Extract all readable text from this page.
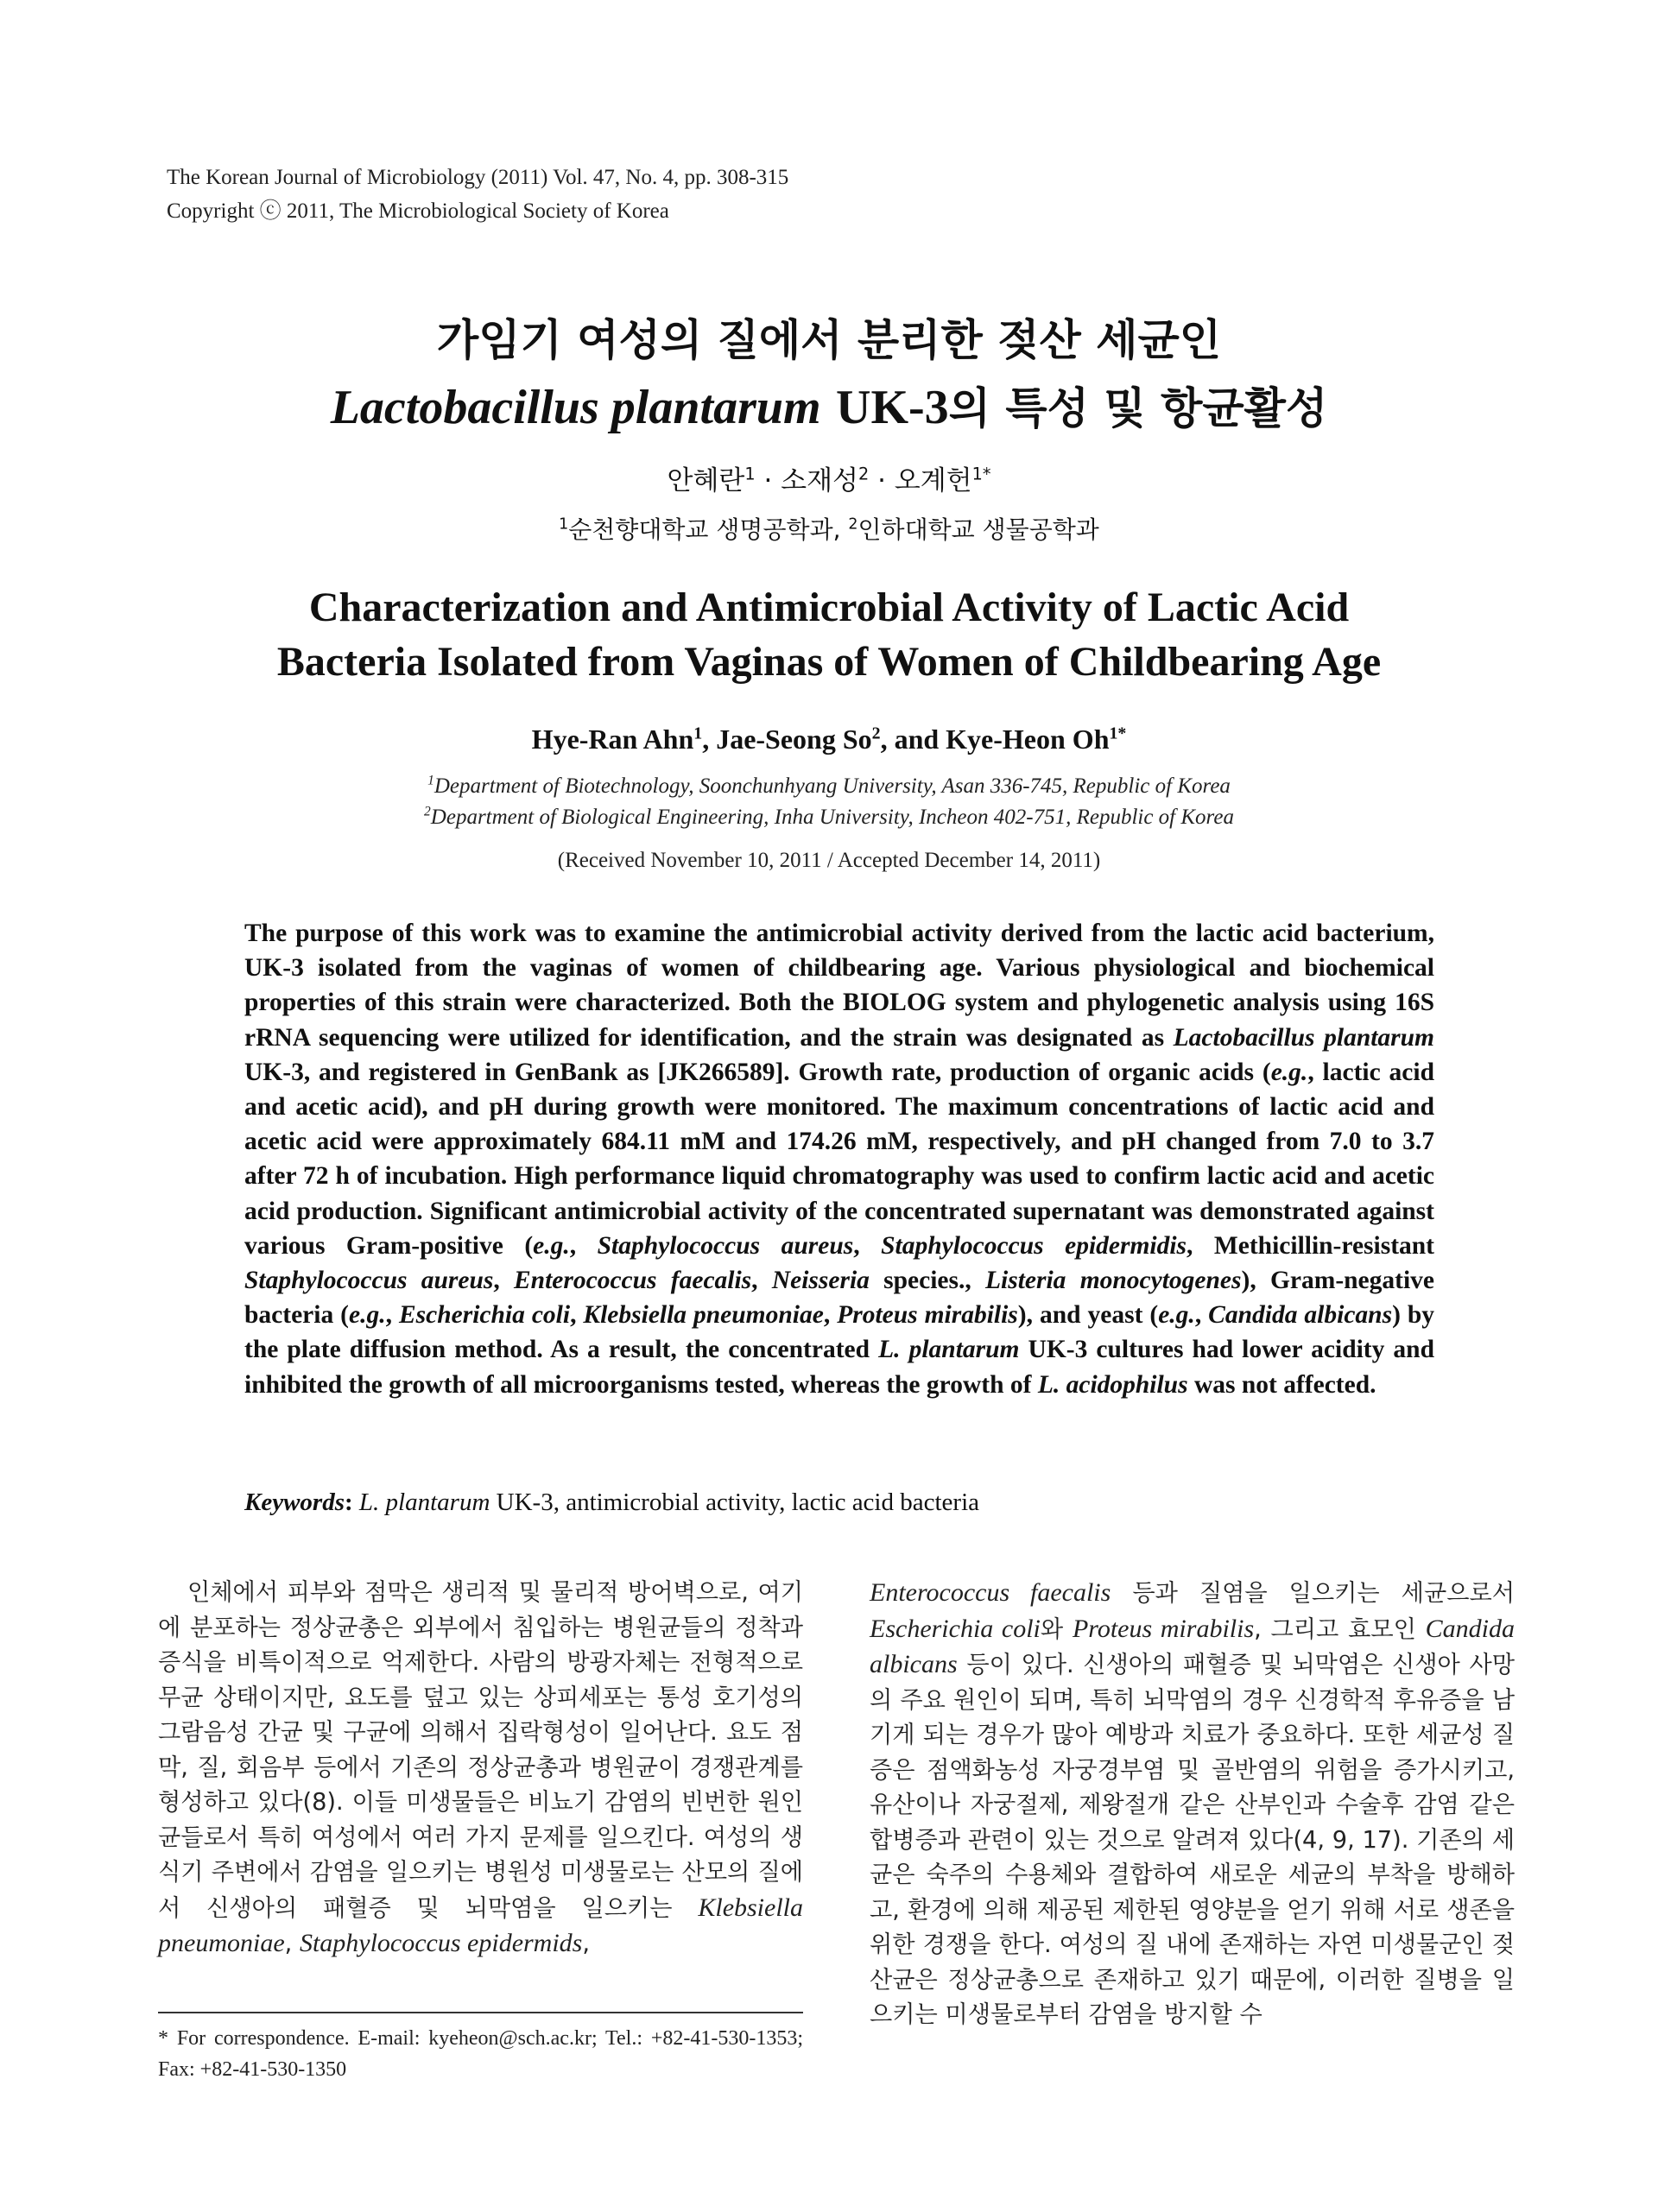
The Korean Journal of Microbiology (2011) Vol. 47, No. 4, pp. 308-315
Copyright ⓒ 2011, The Microbiological Society of Korea
가임기 여성의 질에서 분리한 젖산 세균인
Lactobacillus plantarum UK-3의 특성 및 항균활성
안혜란$^1$ · 소재성$^2$ · 오계헌$^{1*}$
$^1$순천향대학교 생명공학과, $^2$인하대학교 생물공학과
Characterization and Antimicrobial Activity of Lactic Acid
Bacteria Isolated from Vaginas of Women of Childbearing Age
Hye-Ran Ahn$^1$, Jae-Seong So$^2$, and Kye-Heon $Oh^{1*}$
$^1$Department of Biotechnology, Soonchunhyang University, Asan 336-745, Republic of Korea
$^2$Department of Biological Engineering, Inha University, Incheon 402-751, Republic of Korea
(Received November 10, 2011 / Accepted December 14, 2011)
The purpose of this work was to examine the antimicrobial activity derived from the lactic acid bacterium, UK-3 isolated from the vaginas of women of childbearing age. Various physiological and biochemical properties of this strain were characterized. Both the BIOLOG system and phylogenetic analysis using 16S rRNA sequencing were utilized for identification, and the strain was designated as Lactobacillus plantarum UK-3, and registered in GenBank as [JK266589]. Growth rate, production of organic acids (e.g., lactic acid and acetic acid), and pH during growth were monitored. The maximum concentrations of lactic acid and acetic acid were approximately 684.11 mM and 174.26 mM, respectively, and pH changed from 7.0 to 3.7 after 72 h of incubation. High performance liquid chromatography was used to confirm lactic acid and acetic acid production. Significant antimicrobial activity of the concentrated supernatant was demonstrated against various Gram-positive (e.g., Staphylococcus aureus, Staphylococcus epidermidis, Methicillin-resistant Staphylococcus aureus, Enterococcus faecalis, Neisseria species., Listeria monocytogenes), Gram-negative bacteria (e.g., Escherichia coli, Klebsiella pneumoniae, Proteus mirabilis), and yeast (e.g., Candida albicans) by the plate diffusion method. As a result, the concentrated L. plantarum UK-3 cultures had lower acidity and inhibited the growth of all microorganisms tested, whereas the growth of L. acidophilus was not affected.
Keywords: L. plantarum UK-3, antimicrobial activity, lactic acid bacteria
인체에서 피부와 점막은 생리적 및 물리적 방어벽으로, 여기에 분포하는 정상균총은 외부에서 침입하는 병원균들의 정착과 증식을 비특이적으로 억제한다. 사람의 방광자체는 전형적으로 무균 상태이지만, 요도를 덮고 있는 상피세포는 통성 호기성의 그람음성 간균 및 구균에 의해서 집락형성이 일어난다. 요도 점막, 질, 회음부 등에서 기존의 정상균총과 병원균이 경쟁관계를 형성하고 있다(8). 이들 미생물들은 비뇨기 감염의 빈번한 원인균들로서 특히 여성에서 여러 가지 문제를 일으킨다. 여성의 생식기 주변에서 감염을 일으키는 병원성 미생물로는 산모의 질에서 신생아의 패혈증 및 뇌막염을 일으키는 Klebsiella pneumoniae, Staphylococcus epidermids,
Enterococcus faecalis 등과 질염을 일으키는 세균으로서 Escherichia coli와 Proteus mirabilis, 그리고 효모인 Candida albicans 등이 있다. 신생아의 패혈증 및 뇌막염은 신생아 사망의 주요 원인이 되며, 특히 뇌막염의 경우 신경학적 후유증을 남기게 되는 경우가 많아 예방과 치료가 중요하다. 또한 세균성 질증은 점액화농성 자궁경부염 및 골반염의 위험을 증가시키고, 유산이나 자궁절제, 제왕절개 같은 산부인과 수술후 감염 같은 합병증과 관련이 있는 것으로 알려져 있다(4, 9, 17). 기존의 세균은 숙주의 수용체와 결합하여 새로운 세균의 부착을 방해하고, 환경에 의해 제공된 제한된 영양분을 얻기 위해 서로 생존을 위한 경쟁을 한다. 여성의 질 내에 존재하는 자연 미생물군인 젖산균은 정상균총으로 존재하고 있기 때문에, 이러한 질병을 일으키는 미생물로부터 감염을 방지할 수
* For correspondence. E-mail: kyeheon@sch.ac.kr; Tel.: +82-41-530-1353; Fax: +82-41-530-1350
